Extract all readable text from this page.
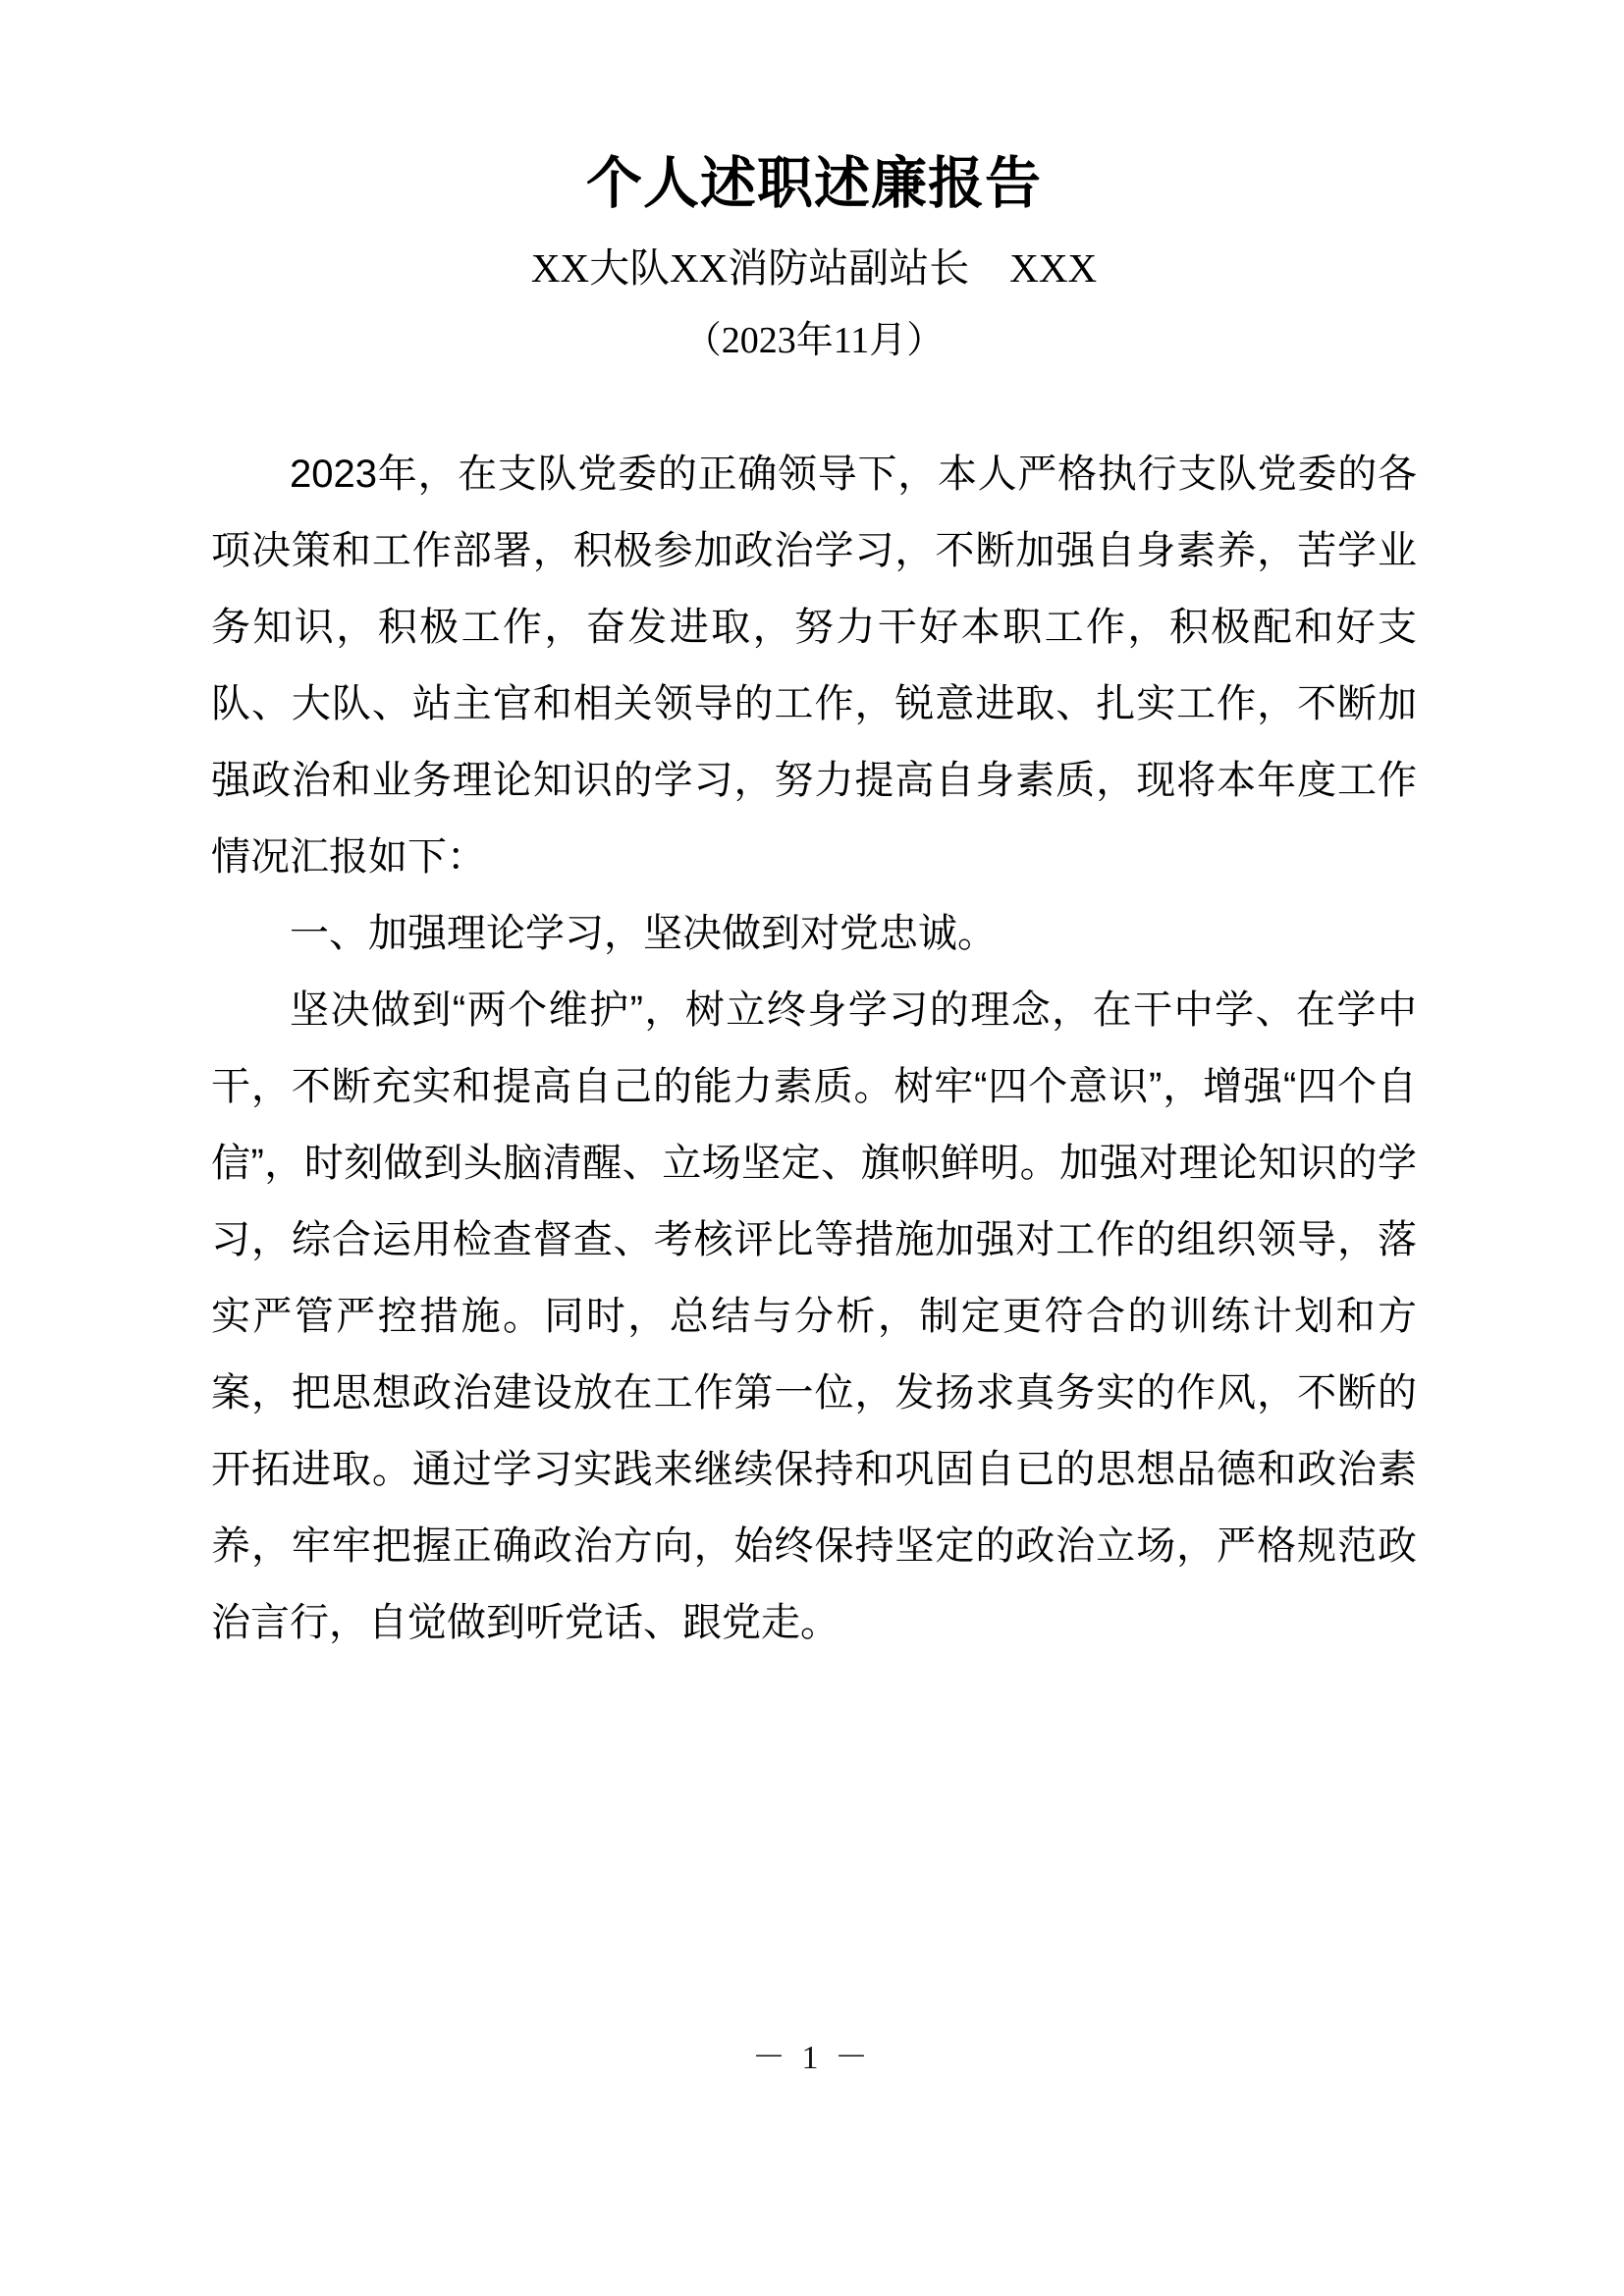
个人述职述廉报告
XX大队XX消防站副站长　XXX
（2023年11月）

2023年，在支队党委的正确领导下，本人严格执行支队党委的各项决策和工作部署，积极参加政治学习，不断加强自身素养，苦学业务知识，积极工作，奋发进取，努力干好本职工作，积极配和好支队、大队、站主官和相关领导的工作，锐意进取、扎实工作，不断加强政治和业务理论知识的学习，努力提高自身素质，现将本年度工作情况汇报如下：

一、加强理论学习，坚决做到对党忠诚。

坚决做到“两个维护”，树立终身学习的理念，在干中学、在学中干，不断充实和提高自己的能力素质。树牢“四个意识”，增强“四个自信”，时刻做到头脑清醒、立场坚定、旗帜鲜明。加强对理论知识的学习，综合运用检查督查、考核评比等措施加强对工作的组织领导，落实严管严控措施。同时，总结与分析，制定更符合的训练计划和方案，把思想政治建设放在工作第一位，发扬求真务实的作风，不断的开拓进取。通过学习实践来继续保持和巩固自已的思想品德和政治素养，牢牢把握正确政治方向，始终保持坚定的政治立场，严格规范政治言行，自觉做到听党话、跟党走。

－ 1 －
